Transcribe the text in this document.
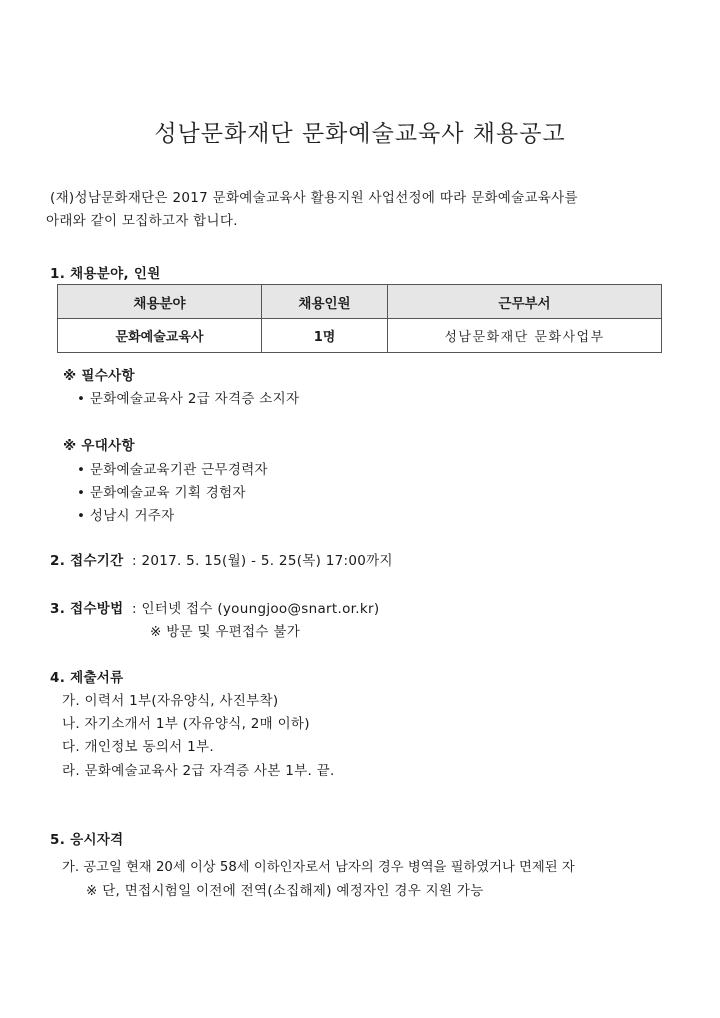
성남문화재단 문화예술교육사 채용공고
(재)성남문화재단은 2017 문화예술교육사 활용지원 사업선정에 따라 문화예술교육사를
아래와 같이 모집하고자 합니다.
1. 채용분야, 인원
채용분야	채용인원	근무부서
문화예술교육사	1명	성남문화재단 문화사업부
※ 필수사항
• 문화예술교육사 2급 자격증 소지자
※ 우대사항
• 문화예술교육기관 근무경력자
• 문화예술교육 기획 경험자
• 성남시 거주자
2. 접수기간 : 2017. 5. 15(월) - 5. 25(목) 17:00까지
3. 접수방법 : 인터넷 접수 (youngjoo@snart.or.kr)
※ 방문 및 우편접수 불가
4. 제출서류
가. 이력서 1부(자유양식, 사진부착)
나. 자기소개서 1부 (자유양식, 2매 이하)
다. 개인정보 동의서 1부.
라. 문화예술교육사 2급 자격증 사본 1부. 끝.
5. 응시자격
가. 공고일 현재 20세 이상 58세 이하인자로서 남자의 경우 병역을 필하였거나 면제된 자
※ 단, 면접시험일 이전에 전역(소집해제) 예정자인 경우 지원 가능
